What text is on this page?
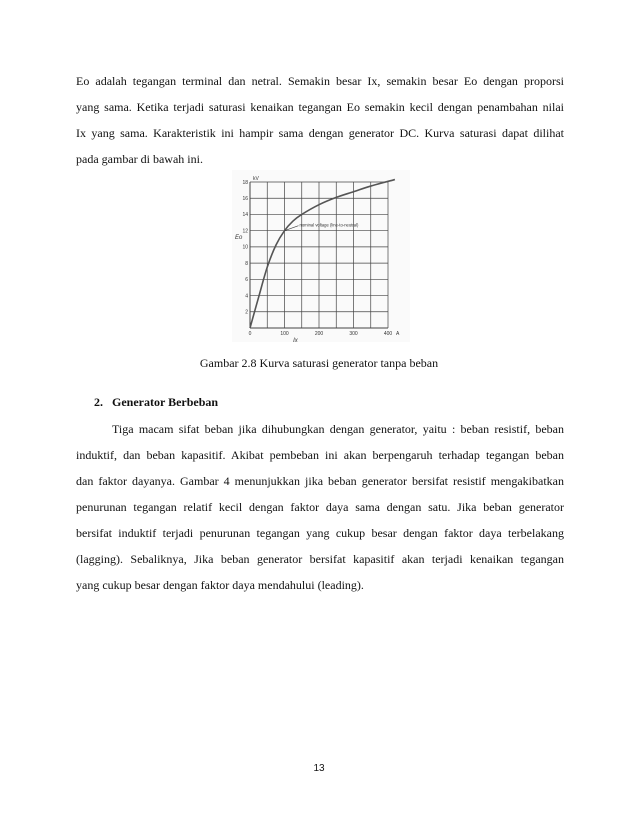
Eo adalah tegangan terminal dan netral. Semakin besar Ix, semakin besar Eo dengan proporsi
yang sama. Ketika terjadi saturasi kenaikan tegangan Eo semakin kecil dengan penambahan nilai
Ix yang sama. Karakteristik ini hampir sama dengan generator DC. Kurva saturasi dapat dilihat
pada gambar di bawah ini.
0	100	200	300	400
2
4
6
8
10
12
14
16
18
nominal voltage (line-to-neutral)
kV
A
Eo
Ix
Gambar 2.8 Kurva saturasi generator tanpa beban
2. Generator Berbeban
Tiga macam sifat beban jika dihubungkan dengan generator, yaitu : beban resistif, beban
induktif, dan beban kapasitif. Akibat pembeban ini akan berpengaruh terhadap tegangan beban
dan faktor dayanya. Gambar 4 menunjukkan jika beban generator bersifat resistif mengakibatkan
penurunan tegangan relatif kecil dengan faktor daya sama dengan satu. Jika beban generator
bersifat induktif terjadi penurunan tegangan yang cukup besar dengan faktor daya terbelakang
(lagging). Sebaliknya, Jika beban generator bersifat kapasitif akan terjadi kenaikan tegangan
yang cukup besar dengan faktor daya mendahului (leading).
13
